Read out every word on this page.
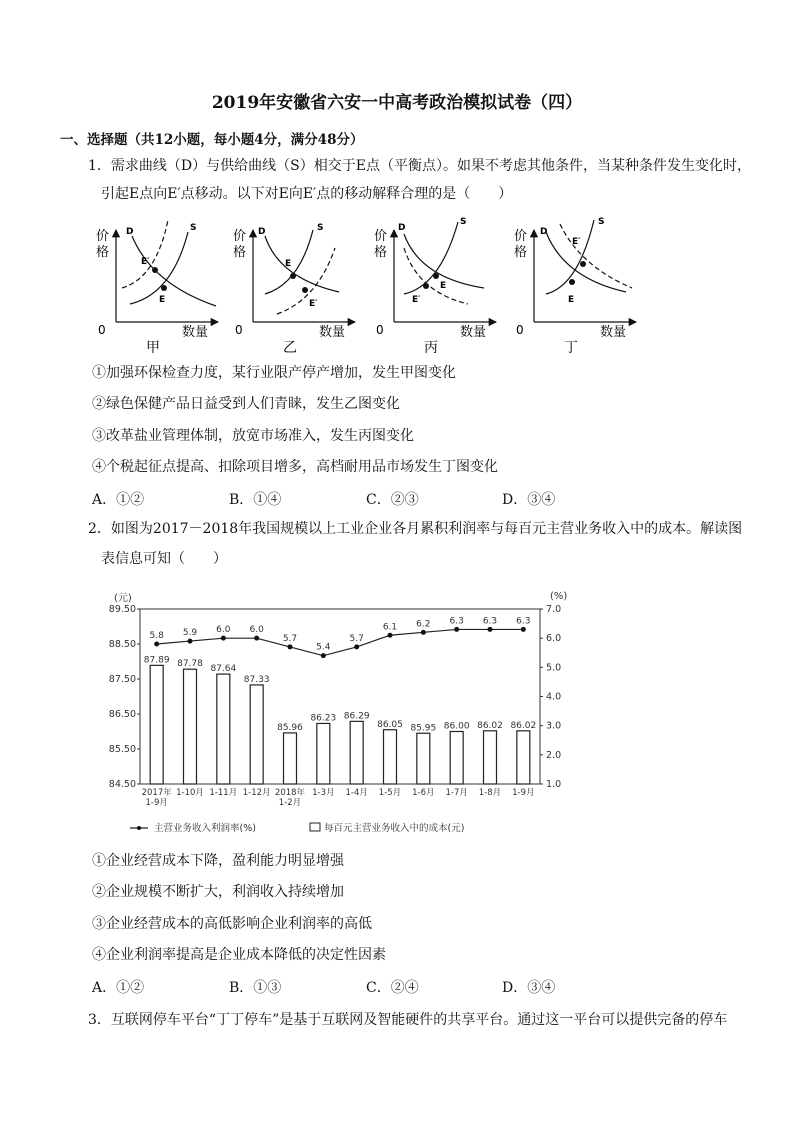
2019年安徽省六安一中高考政治模拟试卷（四）
一、选择题（共12小题，每小题4分，满分48分）
1．需求曲线（D）与供给曲线（S）相交于E点（平衡点）。如果不考虑其他条件，当某种条件发生变化时，
引起E点向E′点移动。以下对E向E′点的移动解释合理的是（　　）
D	S
E
E′
价
格
0	数量
甲
D	S
E
E′
价
格
0	数量
乙
D
S
E
E′
价
格
0	数量
丙
D
S
E
E′
价
格
0	数量
丁
①加强环保检查力度，某行业限产停产增加，发生甲图变化
②绿色保健产品日益受到人们青睐，发生乙图变化
③改革盐业管理体制，放宽市场准入，发生丙图变化
④个税起征点提高、扣除项目增多，高档耐用品市场发生丁图变化
A．①②	B．①④	C．②③	D．③④
2．如图为2017－2018年我国规模以上工业企业各月累积利润率与每百元主营业务收入中的成本。解读图
表信息可知（　　）
(元)	(%)
89.50
88.50
87.50
86.50
85.50
84.50
7.0
6.0
5.0
4.0
3.0
2.0
1.0
87.89 87.78 87.64
87.33
85.96
86.23 86.29
86.05 85.95 86.00 86.02 86.02
5.8 5.9 6.0 6.0
5.7
5.4
5.7
6.1 6.2 6.3 6.3 6.3
2017年
1-9月
1-10月 1-11月 1-12月 2018年
1-2月
1-3月 1-4月 1-5月 1-6月 1-7月 1-8月 1-9月
主营业务收入利润率(%)	每百元主营业务收入中的成本(元)
①企业经营成本下降，盈利能力明显增强
②企业规模不断扩大，利润收入持续增加
③企业经营成本的高低影响企业利润率的高低
④企业利润率提高是企业成本降低的决定性因素
A．①②	B．①③	C．②④	D．③④
3．互联网停车平台“丁丁停车”是基于互联网及智能硬件的共享平台。通过这一平台可以提供完备的停车
